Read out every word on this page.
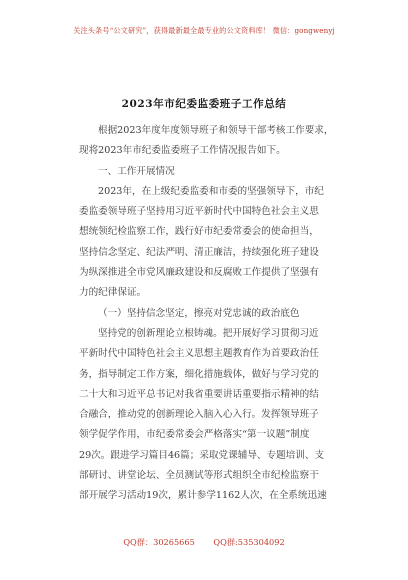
关注头条号“公文研究”，获得最新最全最专业的公文资料库！ 微信：gongwenyj
2023年市纪委监委班子工作总结
根据2023年度年度领导班子和领导干部考核工作要求，
现将2023年市纪委监委班子工作情况报告如下。
一、工作开展情况
2023年，在上级纪委监委和市委的坚强领导下，市纪
委监委领导班子坚持用习近平新时代中国特色社会主义思
想统领纪检监察工作，践行好市纪委常委会的使命担当，
坚持信念坚定、纪法严明、清正廉洁，持续强化班子建设
为纵深推进全市党风廉政建设和反腐败工作提供了坚强有
力的纪律保证。
（一）坚持信念坚定，擦亮对党忠诚的政治底色
坚持党的创新理论立根铸魂。把开展好学习贯彻习近
平新时代中国特色社会主义思想主题教育作为首要政治任
务，指导制定工作方案，细化措施载体，做好与学习党的
二十大和习近平总书记对我省重要讲话重要指示精神的结
合融合，推动党的创新理论入脑入心入行。发挥领导班子
领学促学作用，市纪委常委会严格落实“第一议题”制度
29次。跟进学习篇目46篇；采取党课辅导、专题培训、支
部研讨、讲堂论坛、全员测试等形式组织全市纪检监察干
部开展学习活动19次，累计参学1162人次，在全系统迅速
QQ群：30265665 QQ群:535304092
